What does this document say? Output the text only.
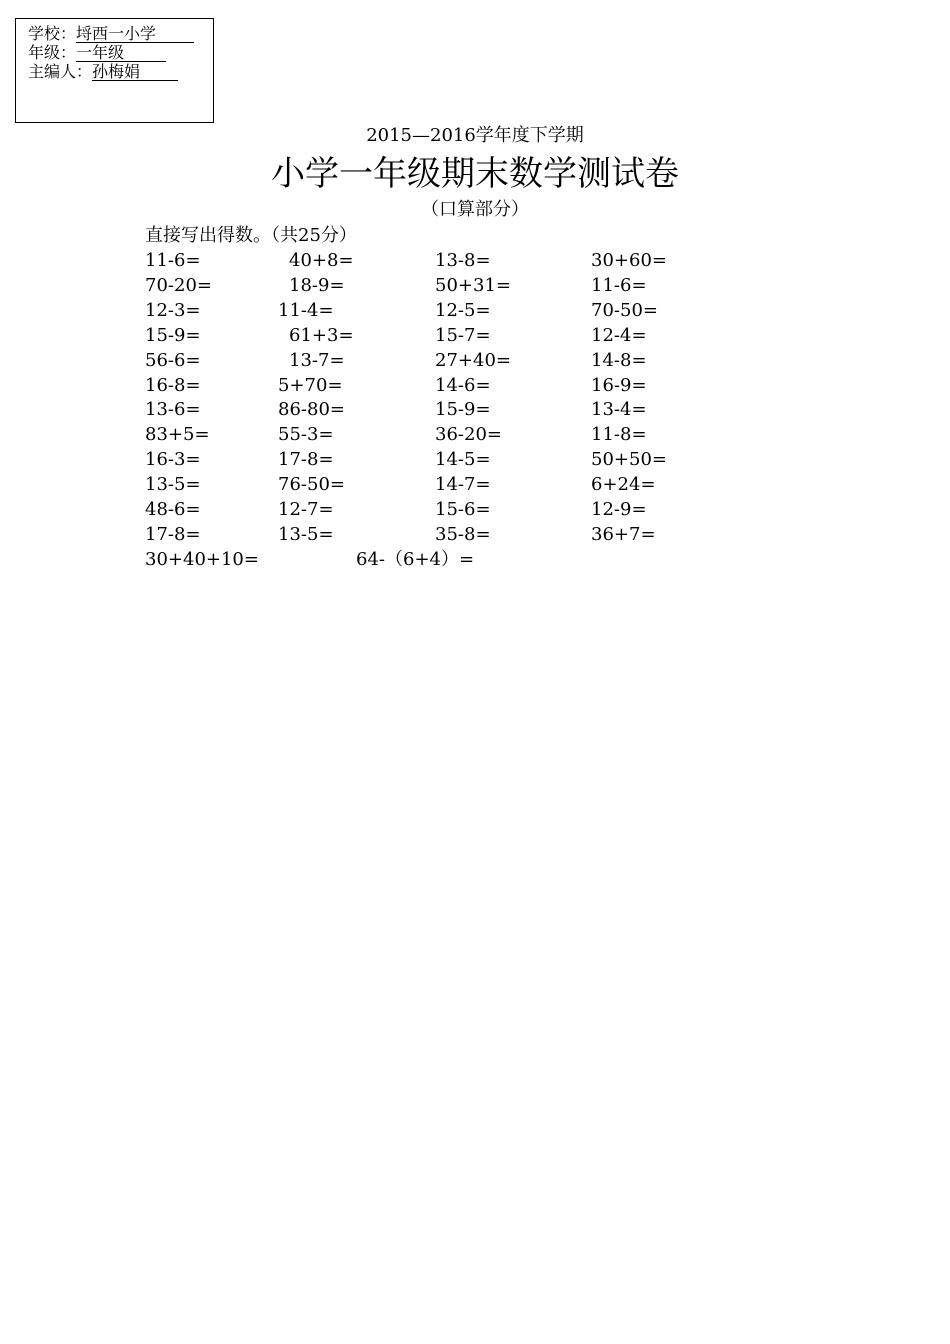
学校：埒西一小学
年级：一年级
主编人：孙梅娟
2015—2016学年度下学期
小学一年级期末数学测试卷
（口算部分）
直接写出得数。（共25分）
11-6=	40+8=	13-8=	30+60=
70-20=	18-9=	50+31=	11-6=
12-3=	11-4=	12-5=	70-50=
15-9=	61+3=	15-7=	12-4=
56-6=	13-7=	27+40=	14-8=
16-8=	5+70=	14-6=	16-9=
13-6=	86-80=	15-9=	13-4=
83+5=	55-3=	36-20=	11-8=
16-3=	17-8=	14-5=	50+50=
13-5=	76-50=	14-7=	6+24=
48-6=	12-7=	15-6=	12-9=
17-8=	13-5=	35-8=	36+7=
30+40+10=	64-（6+4）=
